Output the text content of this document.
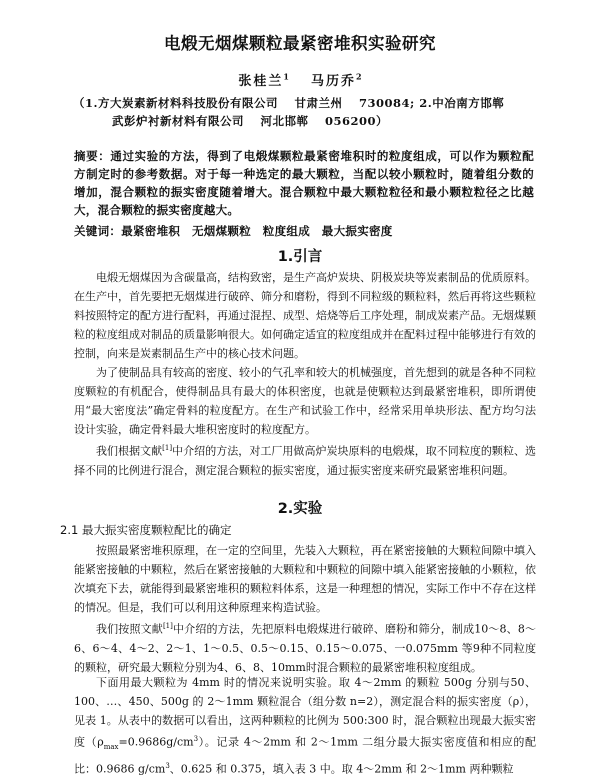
电煅无烟煤颗粒最紧密堆积实验研究
张桂兰$^1$ 马历乔$^2$
（1.方大炭素新材料科技股份有限公司　 甘肃兰州　 730084; 2.中冶南方邯郸
武彭炉衬新材料有限公司　 河北邯郸　 056200）
摘要：通过实验的方法，得到了电煅煤颗粒最紧密堆积时的粒度组成，可以作为颗粒配方制定时的参考数据。对于每一种选定的最大颗粒，当配以较小颗粒时，随着组分数的增加，混合颗粒的振实密度随着增大。混合颗粒中最大颗粒粒径和最小颗粒粒径之比越大，混合颗粒的振实密度越大。
关键词：最紧密堆积　无烟煤颗粒　粒度组成　最大振实密度
1.引言
电煅无烟煤因为含碳量高，结构致密，是生产高炉炭块、阴极炭块等炭素制品的优质原料。在生产中，首先要把无烟煤进行破碎、筛分和磨粉，得到不同粒级的颗粒料，然后再将这些颗粒料按照特定的配方进行配料，再通过混捏、成型、焙烧等后工序处理，制成炭素产品。无烟煤颗粒的粒度组成对制品的质量影响很大。如何确定适宜的粒度组成并在配料过程中能够进行有效的控制，向来是炭素制品生产中的核心技术问题。
为了使制品具有较高的密度、较小的气孔率和较大的机械强度，首先想到的就是各种不同粒度颗粒的有机配合，使得制品具有最大的体积密度，也就是使颗粒达到最紧密堆积，即所谓使用“最大密度法”确定骨料的粒度配方。在生产和试验工作中，经常采用单块形法、配方均匀法设计实验，确定骨料最大堆积密度时的粒度配方。
我们根据文献[1]中介绍的方法，对工厂用做高炉炭块原料的电煅煤，取不同粒度的颗粒、选择不同的比例进行混合，测定混合颗粒的振实密度，通过振实密度来研究最紧密堆积问题。
2.实验
2.1 最大振实密度颗粒配比的确定
按照最紧密堆积原理，在一定的空间里，先装入大颗粒，再在紧密接触的大颗粒间隙中填入能紧密接触的中颗粒，然后在紧密接触的大颗粒和中颗粒的间隙中填入能紧密接触的小颗粒，依次填充下去，就能得到最紧密堆积的颗粒料体系，这是一种理想的情况，实际工作中不存在这样的情况。但是，我们可以利用这种原理来构造试验。
我们按照文献[1]中介绍的方法，先把原料电煅煤进行破碎、磨粉和筛分，制成10～8、8～6、6～4、4～2、2～1、1～0.5、0.5～0.15、0.15～0.075、一0.075mm 等9种不同粒度的颗粒，研究最大颗粒分别为4、6、8、10mm时混合颗粒的最紧密堆积粒度组成。
下面用最大颗粒为 4mm 时的情况来说明实验。取 4～2mm 的颗粒 500g 分别与50、100、…、450、500g 的 2～1mm 颗粒混合（组分数 n=2），测定混合料的振实密度（ρ），见表 1。从表中的数据可以看出，这两种颗粒的比例为 500:300 时，混合颗粒出现最大振实密度$(\rho_{max}=0.9686g/cm^3)$。记录 4～2mm 和 2～1mm 二组分最大振实密度值和相应的配比：0.9686 $g/cm^3$、0.625 和 0.375，填入表 3 中。取 4～2mm 和 2～1mm 两种颗粒
